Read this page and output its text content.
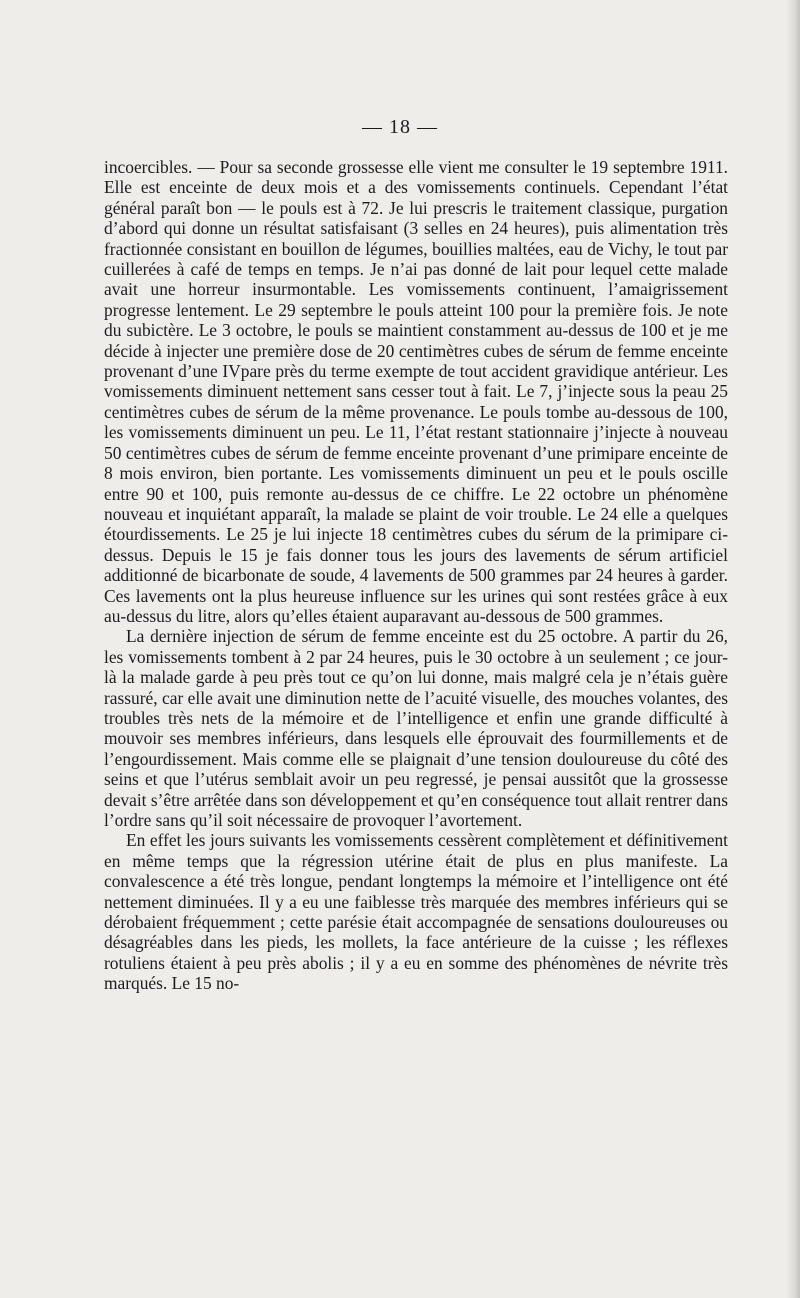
— 18 —

incoercibles. — Pour sa seconde grossesse elle vient me consulter le 19 septembre 1911. Elle est enceinte de deux mois et a des vomissements continuels. Cependant l’état général paraît bon — le pouls est à 72. Je lui prescris le traitement classique, purgation d’abord qui donne un résultat satisfaisant (3 selles en 24 heures), puis alimentation très fractionnée consistant en bouillon de légumes, bouillies maltées, eau de Vichy, le tout par cuillerées à café de temps en temps. Je n’ai pas donné de lait pour lequel cette malade avait une horreur insurmontable. Les vomissements continuent, l’amaigrissement progresse lentement. Le 29 septembre le pouls atteint 100 pour la première fois. Je note du subictère. Le 3 octobre, le pouls se maintient constamment au-dessus de 100 et je me décide à injecter une première dose de 20 centimètres cubes de sérum de femme enceinte provenant d’une IVpare près du terme exempte de tout accident gravidique antérieur. Les vomissements diminuent nettement sans cesser tout à fait. Le 7, j’injecte sous la peau 25 centimètres cubes de sérum de la même provenance. Le pouls tombe au-dessous de 100, les vomissements diminuent un peu. Le 11, l’état restant stationnaire j’injecte à nouveau 50 centimètres cubes de sérum de femme enceinte provenant d’une primipare enceinte de 8 mois environ, bien portante. Les vomissements diminuent un peu et le pouls oscille entre 90 et 100, puis remonte au-dessus de ce chiffre. Le 22 octobre un phénomène nouveau et inquiétant apparaît, la malade se plaint de voir trouble. Le 24 elle a quelques étourdissements. Le 25 je lui injecte 18 centimètres cubes du sérum de la primipare ci-dessus. Depuis le 15 je fais donner tous les jours des lavements de sérum artificiel additionné de bicarbonate de soude, 4 lavements de 500 grammes par 24 heures à garder. Ces lavements ont la plus heureuse influence sur les urines qui sont restées grâce à eux au-dessus du litre, alors qu’elles étaient auparavant au-dessous de 500 grammes.

La dernière injection de sérum de femme enceinte est du 25 octobre. A partir du 26, les vomissements tombent à 2 par 24 heures, puis le 30 octobre à un seulement ; ce jour-là la malade garde à peu près tout ce qu’on lui donne, mais malgré cela je n’étais guère rassuré, car elle avait une diminution nette de l’acuité visuelle, des mouches volantes, des troubles très nets de la mémoire et de l’intelligence et enfin une grande difficulté à mouvoir ses membres inférieurs, dans lesquels elle éprouvait des fourmillements et de l’engourdissement. Mais comme elle se plaignait d’une tension douloureuse du côté des seins et que l’utérus semblait avoir un peu regressé, je pensai aussitôt que la grossesse devait s’être arrêtée dans son développement et qu’en conséquence tout allait rentrer dans l’ordre sans qu’il soit nécessaire de provoquer l’avortement.

En effet les jours suivants les vomissements cessèrent complètement et définitivement en même temps que la régression utérine était de plus en plus manifeste. La convalescence a été très longue, pendant longtemps la mémoire et l’intelligence ont été nettement diminuées. Il y a eu une faiblesse très marquée des membres inférieurs qui se dérobaient fréquemment ; cette parésie était accompagnée de sensations douloureuses ou désagréables dans les pieds, les mollets, la face antérieure de la cuisse ; les réflexes rotuliens étaient à peu près abolis ; il y a eu en somme des phénomènes de névrite très marqués. Le 15 no-
